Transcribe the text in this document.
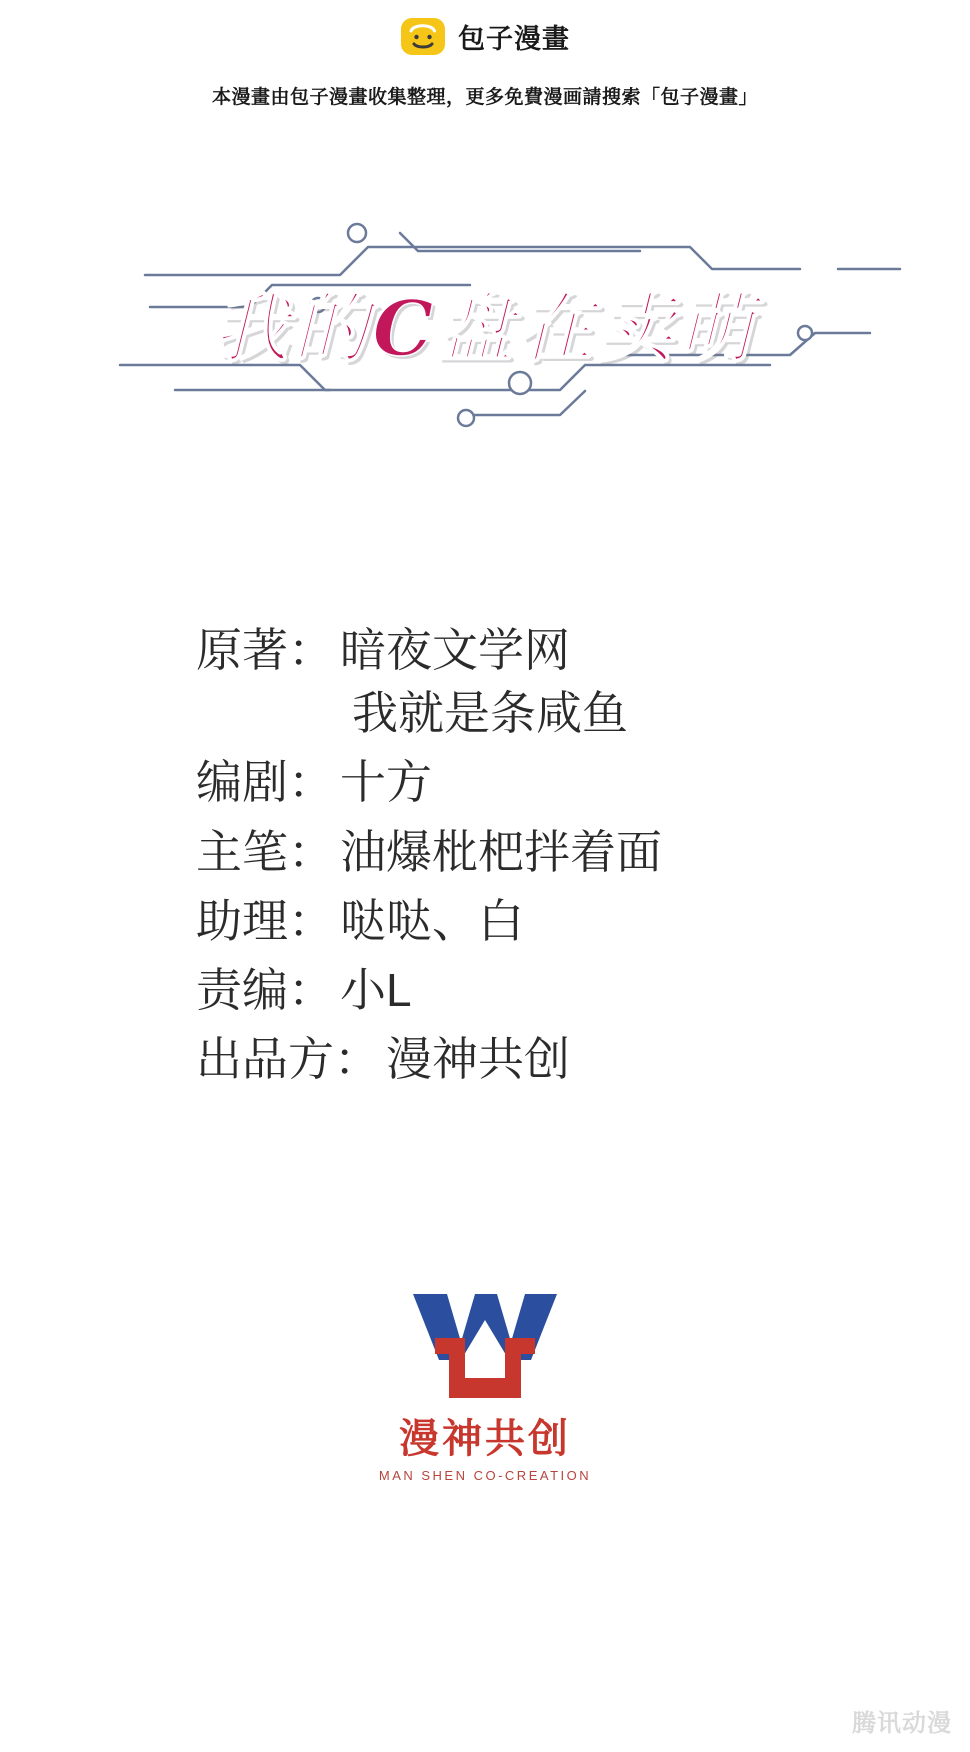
包子漫畫
本漫畫由包子漫畫收集整理，更多免費漫画請搜索「包子漫畫」
我的C盘在卖萌
原著： 暗夜文学网
我就是条咸鱼
编剧： 十方
主笔： 油爆枇杷拌着面
助理： 哒哒、白
责编： 小L
出品方： 漫神共创
漫神共创
MAN SHEN CO-CREATION
腾讯动漫
